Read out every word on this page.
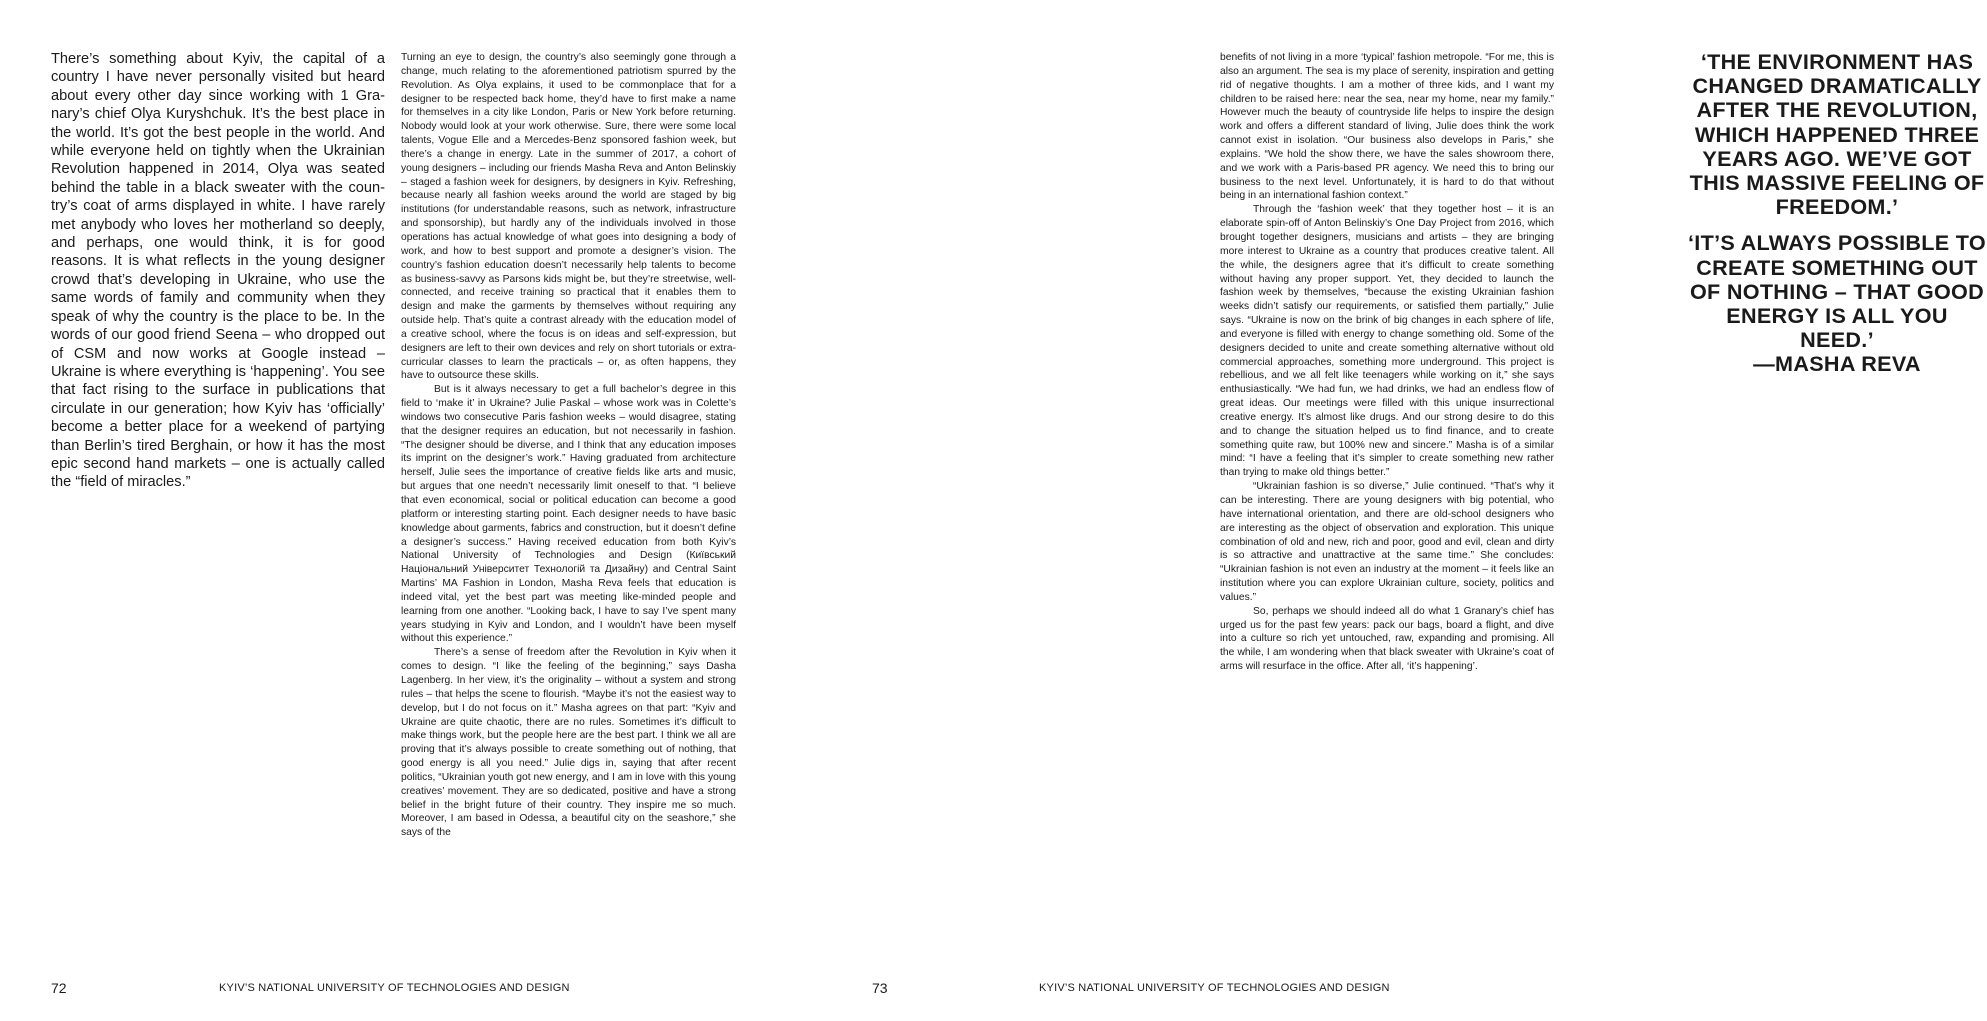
There’s something about Kyiv, the capital of a country I have never personally visited but heard about every other day since working with 1 Granary’s chief Olya Kuryshchuk. It’s the best place in the world. It’s got the best people in the world. And while everyone held on tightly when the Ukrainian Revolution happened in 2014, Olya was seated behind the table in a black sweater with the country’s coat of arms displayed in white. I have rarely met anybody who loves her motherland so deeply, and perhaps, one would think, it is for good reasons. It is what reflects in the young designer crowd that’s developing in Ukraine, who use the same words of family and community when they speak of why the country is the place to be. In the words of our good friend Seena – who dropped out of CSM and now works at Google instead – Ukraine is where everything is ‘happening’. You see that fact rising to the surface in publications that circulate in our generation; how Kyiv has ‘officially’ become a better place for a weekend of partying than Berlin’s tired Berghain, or how it has the most epic second hand markets – one is actually called the “field of miracles.”

Turning an eye to design, the country’s also seemingly gone through a change, much relating to the aforementioned patriotism spurred by the Revolution. As Olya explains, it used to be commonplace that for a designer to be respected back home, they’d have to first make a name for themselves in a city like London, Paris or New York before returning. Nobody would look at your work otherwise. Sure, there were some local talents, Vogue Elle and a Mercedes-Benz sponsored fashion week, but there’s a change in energy. Late in the summer of 2017, a cohort of young designers – including our friends Masha Reva and Anton Belinskiy – staged a fashion week for designers, by designers in Kyiv. Refreshing, because nearly all fashion weeks around the world are staged by big institutions (for understandable reasons, such as network, infrastructure and sponsorship), but hardly any of the individuals involved in those operations has actual knowledge of what goes into designing a body of work, and how to best support and promote a designer’s vision. The country’s fashion education doesn’t necessarily help talents to become as business-savvy as Parsons kids might be, but they’re streetwise, well-connected, and receive training so practical that it enables them to design and make the garments by themselves without requiring any outside help. That’s quite a contrast already with the education model of a creative school, where the focus is on ideas and self-expression, but designers are left to their own devices and rely on short tutorials or extra-curricular classes to learn the practicals – or, as often happens, they have to outsource these skills.

But is it always necessary to get a full bachelor’s degree in this field to ‘make it’ in Ukraine? Julie Paskal – whose work was in Colette’s windows two consecutive Paris fashion weeks – would disagree, stating that the designer requires an education, but not necessarily in fashion. “The designer should be diverse, and I think that any education imposes its imprint on the designer’s work.” Having graduated from architecture herself, Julie sees the importance of creative fields like arts and music, but argues that one needn’t necessarily limit oneself to that. “I believe that even economical, social or political education can become a good platform or interesting starting point. Each designer needs to have basic knowledge about garments, fabrics and construction, but it doesn’t define a designer’s success.” Having received education from both Kyiv’s National University of Technologies and Design (Київський Національний Університет Технологій та Дизайну) and Central Saint Martins’ MA Fashion in London, Masha Reva feels that education is indeed vital, yet the best part was meeting like-minded people and learning from one another. “Looking back, I have to say I’ve spent many years studying in Kyiv and London, and I wouldn’t have been myself without this experience.”

There’s a sense of freedom after the Revolution in Kyiv when it comes to design. “I like the feeling of the beginning,” says Dasha Lagenberg. In her view, it’s the originality – without a system and strong rules – that helps the scene to flourish. “Maybe it’s not the easiest way to develop, but I do not focus on it.” Masha agrees on that part: “Kyiv and Ukraine are quite chaotic, there are no rules. Sometimes it’s difficult to make things work, but the people here are the best part. I think we all are proving that it’s always possible to create something out of nothing, that good energy is all you need.” Julie digs in, saying that after recent politics, “Ukrainian youth got new energy, and I am in love with this young creatives’ movement. They are so dedicated, positive and have a strong belief in the bright future of their country. They inspire me so much. Moreover, I am based in Odessa, a beautiful city on the seashore,” she says of the

72	KYIV’S NATIONAL UNIVERSITY OF TECHNOLOGIES AND DESIGN

‘THE ENVIRONMENT HAS CHANGED DRAMATICALLY AFTER THE REVOLUTION, WHICH HAPPENED THREE YEARS AGO. WE’VE GOT THIS MASSIVE FEELING OF FREEDOM.’

‘IT’S ALWAYS POSSIBLE TO CREATE SOMETHING OUT OF NOTHING – THAT GOOD ENERGY IS ALL YOU NEED.’

—MASHA REVA

benefits of not living in a more ‘typical’ fashion metropole. “For me, this is also an argument. The sea is my place of serenity, inspiration and getting rid of negative thoughts. I am a mother of three kids, and I want my children to be raised here: near the sea, near my home, near my family.” However much the beauty of countryside life helps to inspire the design work and offers a different standard of living, Julie does think the work cannot exist in isolation. “Our business also develops in Paris,” she explains. “We hold the show there, we have the sales showroom there, and we work with a Paris-based PR agency. We need this to bring our business to the next level. Unfortunately, it is hard to do that without being in an international fashion context.”

Through the ‘fashion week’ that they together host – it is an elaborate spin-off of Anton Belinskiy’s One Day Project from 2016, which brought together designers, musicians and artists – they are bringing more interest to Ukraine as a country that produces creative talent. All the while, the designers agree that it’s difficult to create something without having any proper support. Yet, they decided to launch the fashion week by themselves, “because the existing Ukrainian fashion weeks didn’t satisfy our requirements, or satisfied them partially,” Julie says. “Ukraine is now on the brink of big changes in each sphere of life, and everyone is filled with energy to change something old. Some of the designers decided to unite and create something alternative without old commercial approaches, something more underground. This project is rebellious, and we all felt like teenagers while working on it,” she says enthusiastically. “We had fun, we had drinks, we had an endless flow of great ideas. Our meetings were filled with this unique insurrectional creative energy. It’s almost like drugs. And our strong desire to do this and to change the situation helped us to find finance, and to create something quite raw, but 100% new and sincere.” Masha is of a similar mind: “I have a feeling that it’s simpler to create something new rather than trying to make old things better.”

“Ukrainian fashion is so diverse,” Julie continued. “That’s why it can be interesting. There are young designers with big potential, who have international orientation, and there are old-school designers who are interesting as the object of observation and exploration. This unique combination of old and new, rich and poor, good and evil, clean and dirty is so attractive and unattractive at the same time.” She concludes: “Ukrainian fashion is not even an industry at the moment – it feels like an institution where you can explore Ukrainian culture, society, politics and values.”

So, perhaps we should indeed all do what 1 Granary’s chief has urged us for the past few years: pack our bags, board a flight, and dive into a culture so rich yet untouched, raw, expanding and promising. All the while, I am wondering when that black sweater with Ukraine’s coat of arms will resurface in the office. After all, ‘it’s happening’.

73	KYIV’S NATIONAL UNIVERSITY OF TECHNOLOGIES AND DESIGN
